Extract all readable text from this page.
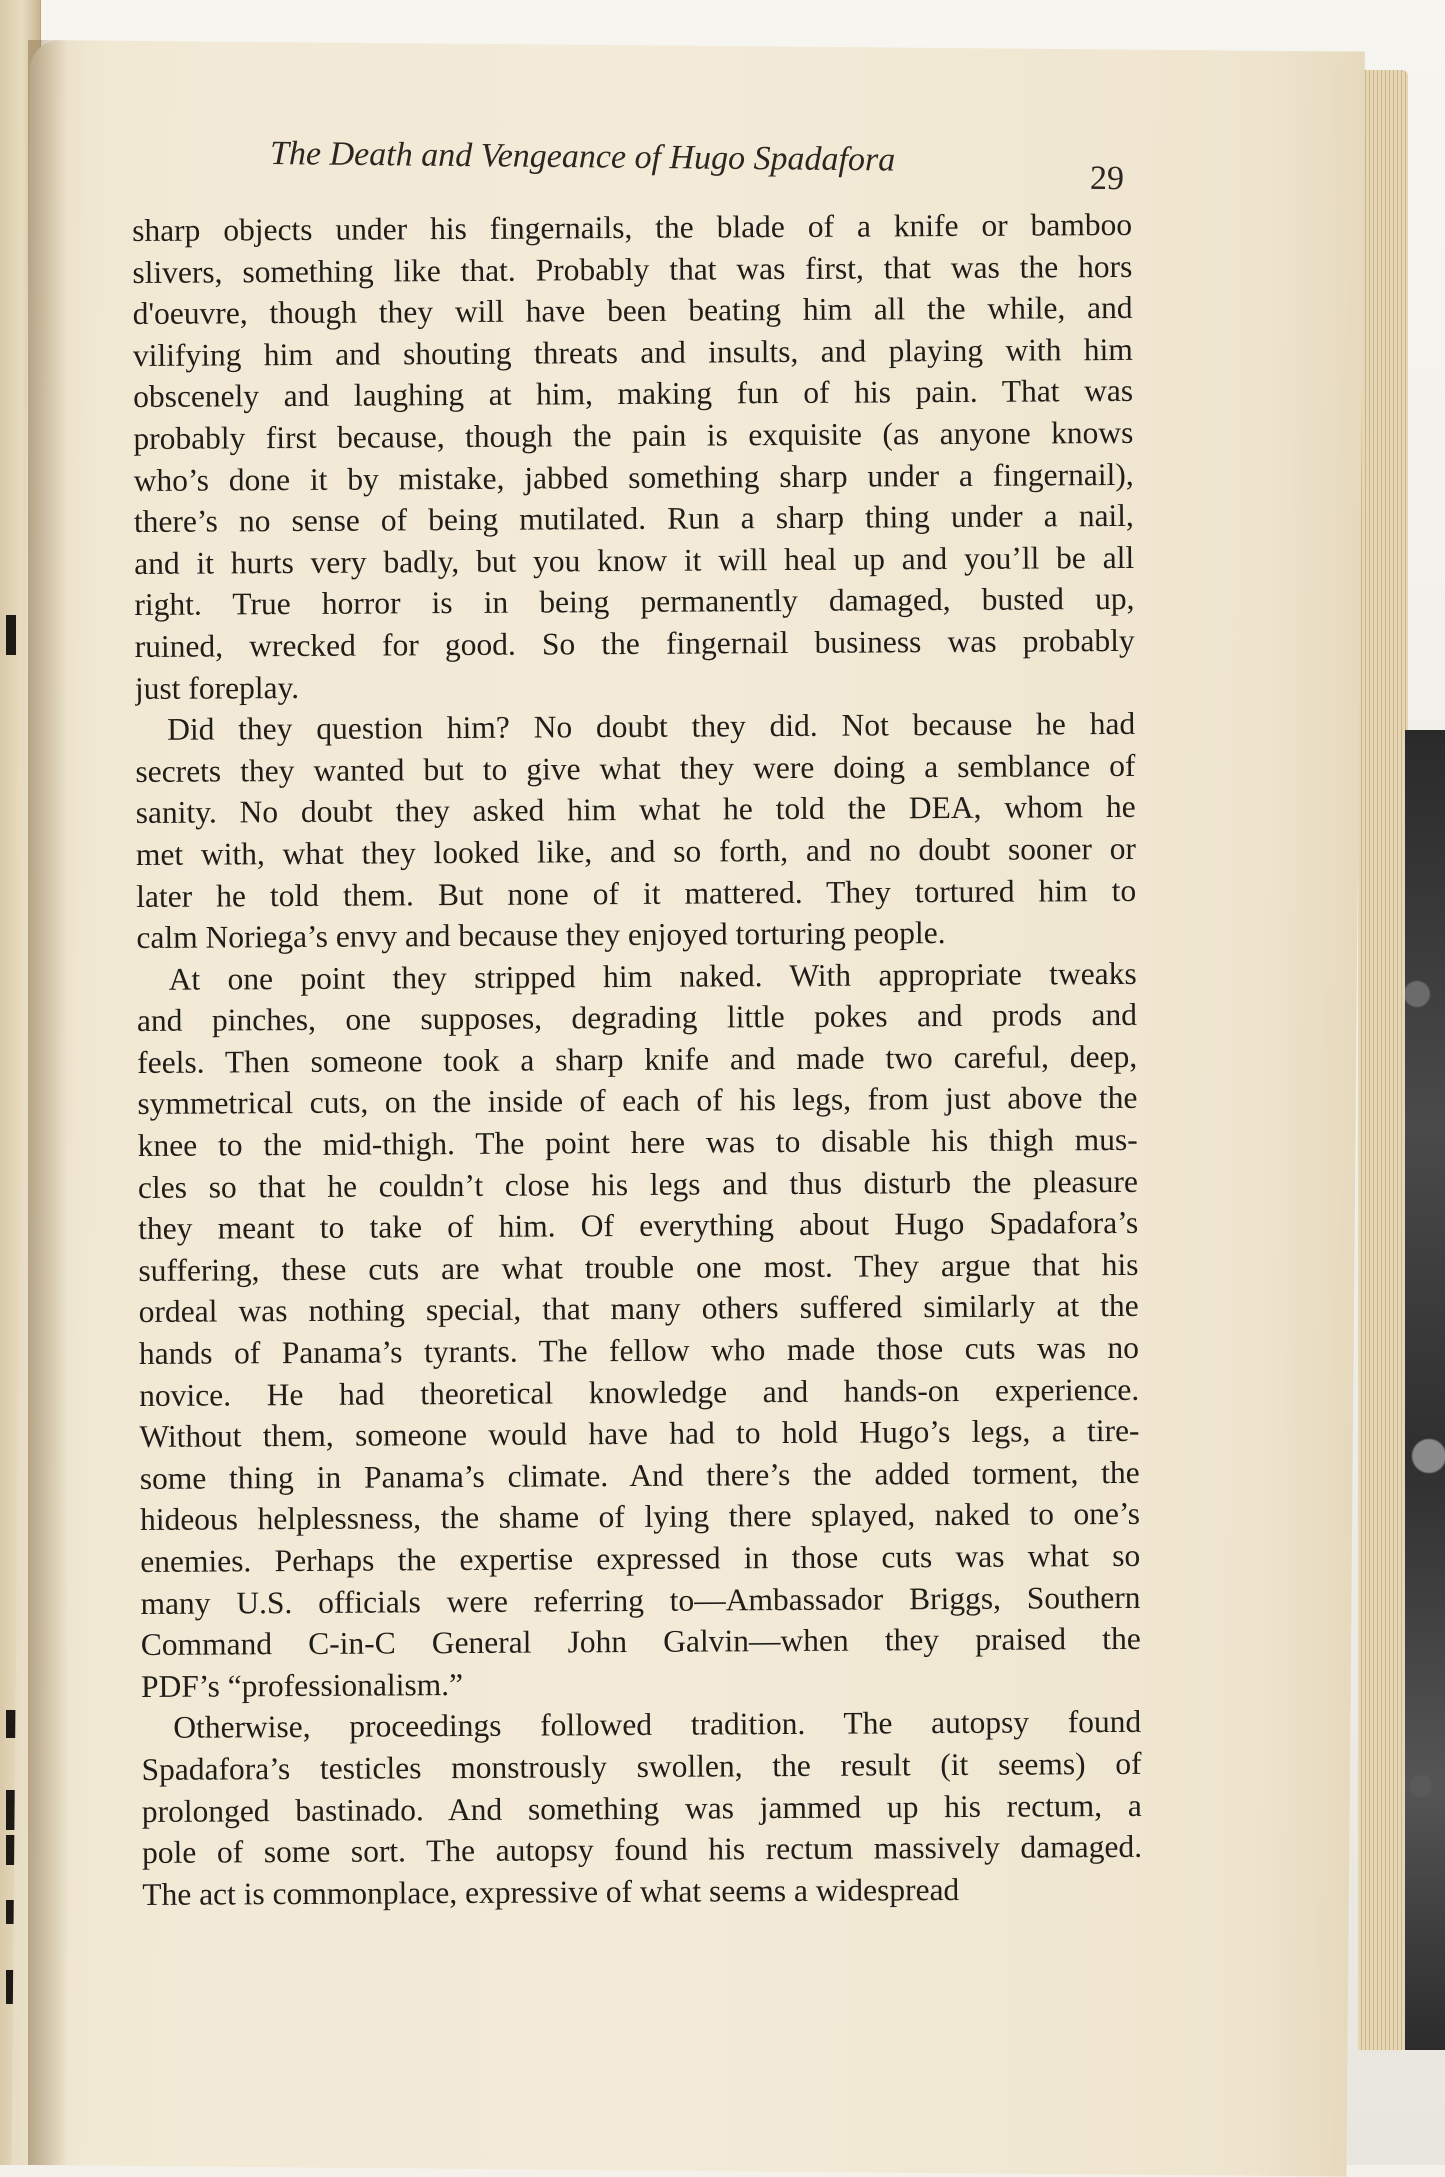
The Death and Vengeance of Hugo Spadafora	29
sharp objects under his fingernails, the blade of a knife or bamboo
slivers, something like that. Probably that was first, that was the hors
d'oeuvre, though they will have been beating him all the while, and
vilifying him and shouting threats and insults, and playing with him
obscenely and laughing at him, making fun of his pain. That was
probably first because, though the pain is exquisite (as anyone knows
who’s done it by mistake, jabbed something sharp under a fingernail),
there’s no sense of being mutilated. Run a sharp thing under a nail,
and it hurts very badly, but you know it will heal up and you’ll be all
right. True horror is in being permanently damaged, busted up,
ruined, wrecked for good. So the fingernail business was probably
just foreplay.
Did they question him? No doubt they did. Not because he had
secrets they wanted but to give what they were doing a semblance of
sanity. No doubt they asked him what he told the DEA, whom he
met with, what they looked like, and so forth, and no doubt sooner or
later he told them. But none of it mattered. They tortured him to
calm Noriega’s envy and because they enjoyed torturing people.
At one point they stripped him naked. With appropriate tweaks
and pinches, one supposes, degrading little pokes and prods and
feels. Then someone took a sharp knife and made two careful, deep,
symmetrical cuts, on the inside of each of his legs, from just above the
knee to the mid-thigh. The point here was to disable his thigh mus-
cles so that he couldn’t close his legs and thus disturb the pleasure
they meant to take of him. Of everything about Hugo Spadafora’s
suffering, these cuts are what trouble one most. They argue that his
ordeal was nothing special, that many others suffered similarly at the
hands of Panama’s tyrants. The fellow who made those cuts was no
novice. He had theoretical knowledge and hands-on experience.
Without them, someone would have had to hold Hugo’s legs, a tire-
some thing in Panama’s climate. And there’s the added torment, the
hideous helplessness, the shame of lying there splayed, naked to one’s
enemies. Perhaps the expertise expressed in those cuts was what so
many U.S. officials were referring to—Ambassador Briggs, Southern
Command C-in-C General John Galvin—when they praised the
PDF’s “professionalism.”
Otherwise, proceedings followed tradition. The autopsy found
Spadafora’s testicles monstrously swollen, the result (it seems) of
prolonged bastinado. And something was jammed up his rectum, a
pole of some sort. The autopsy found his rectum massively damaged.
The act is commonplace, expressive of what seems a widespread
